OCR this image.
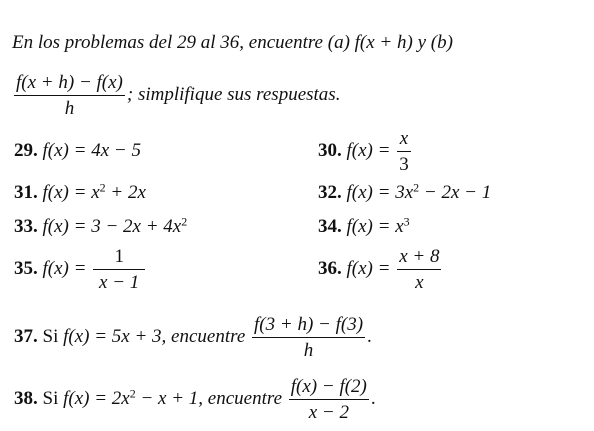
En los problemas del 29 al 36, encuentre (a) f(x + h) y (b)
$\frac{f(x + h) - f(x)}{h}$ ; simplifique sus respuestas.
29. f(x) = 4x − 5	30. $f(x) = \frac{x}{3}$
31. $f(x) = x^2 + 2x$	32. $f(x) = 3x^2 - 2x - 1$
33. $f(x) = 3 - 2x + 4x^2$	34. $f(x) = x^3$
35. $f(x) = \frac{1}{x - 1}$	36. $f(x) = \frac{x + 8}{x}$
37. Si f(x) = 5x + 3, encuentre $\frac{f(3 + h) - f(3)}{h}$ .
38. Si $f(x) = 2x^2 - x + 1$, encuentre $\frac{f(x) - f(2)}{x - 2}$ .
